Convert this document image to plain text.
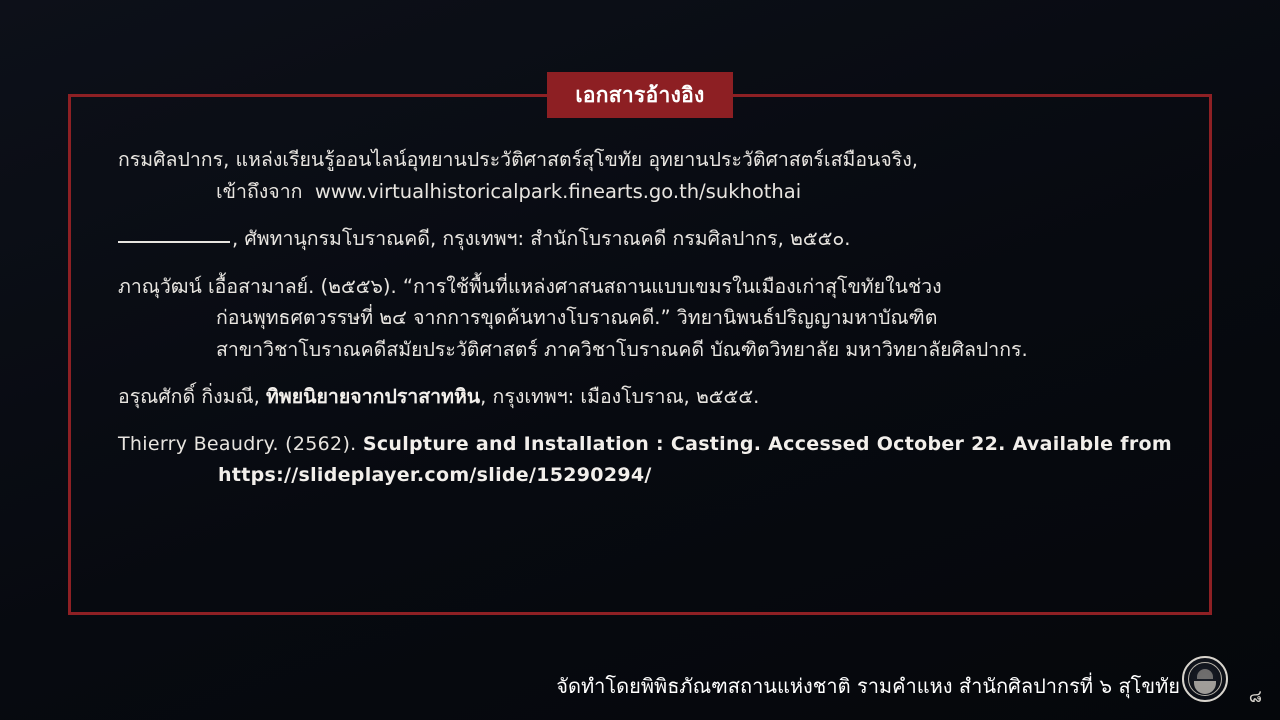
เอกสารอ้างอิง
กรมศิลปากร, แหล่งเรียนรู้ออนไลน์อุทยานประวัติศาสตร์สุโขทัย อุทยานประวัติศาสตร์เสมือนจริง,
เข้าถึงจาก  www.virtualhistoricalpark.finearts.go.th/sukhothai
, ศัพทานุกรมโบราณคดี, กรุงเทพฯ: สำนักโบราณคดี กรมศิลปากร, ๒๕๕๐.
ภาณุวัฒน์ เอื้อสามาลย์. (๒๕๕๖). “การใช้พื้นที่แหล่งศาสนสถานแบบเขมรในเมืองเก่าสุโขทัยในช่วง
ก่อนพุทธศตวรรษที่ ๒๔ จากการขุดค้นทางโบราณคดี.” วิทยานิพนธ์ปริญญามหาบัณฑิต
สาขาวิชาโบราณคดีสมัยประวัติศาสตร์ ภาควิชาโบราณคดี บัณฑิตวิทยาลัย มหาวิทยาลัยศิลปากร.
อรุณศักดิ์ กิ่งมณี, ทิพยนิยายจากปราสาทหิน, กรุงเทพฯ: เมืองโบราณ, ๒๕๕๕.
Thierry Beaudry. (2562). Sculpture and Installation : Casting. Accessed October 22. Available from
https://slideplayer.com/slide/15290294/
จัดทำโดยพิพิธภัณฑสถานแห่งชาติ รามคำแหง สำนักศิลปากรที่ ๖ สุโขทัย	๘
